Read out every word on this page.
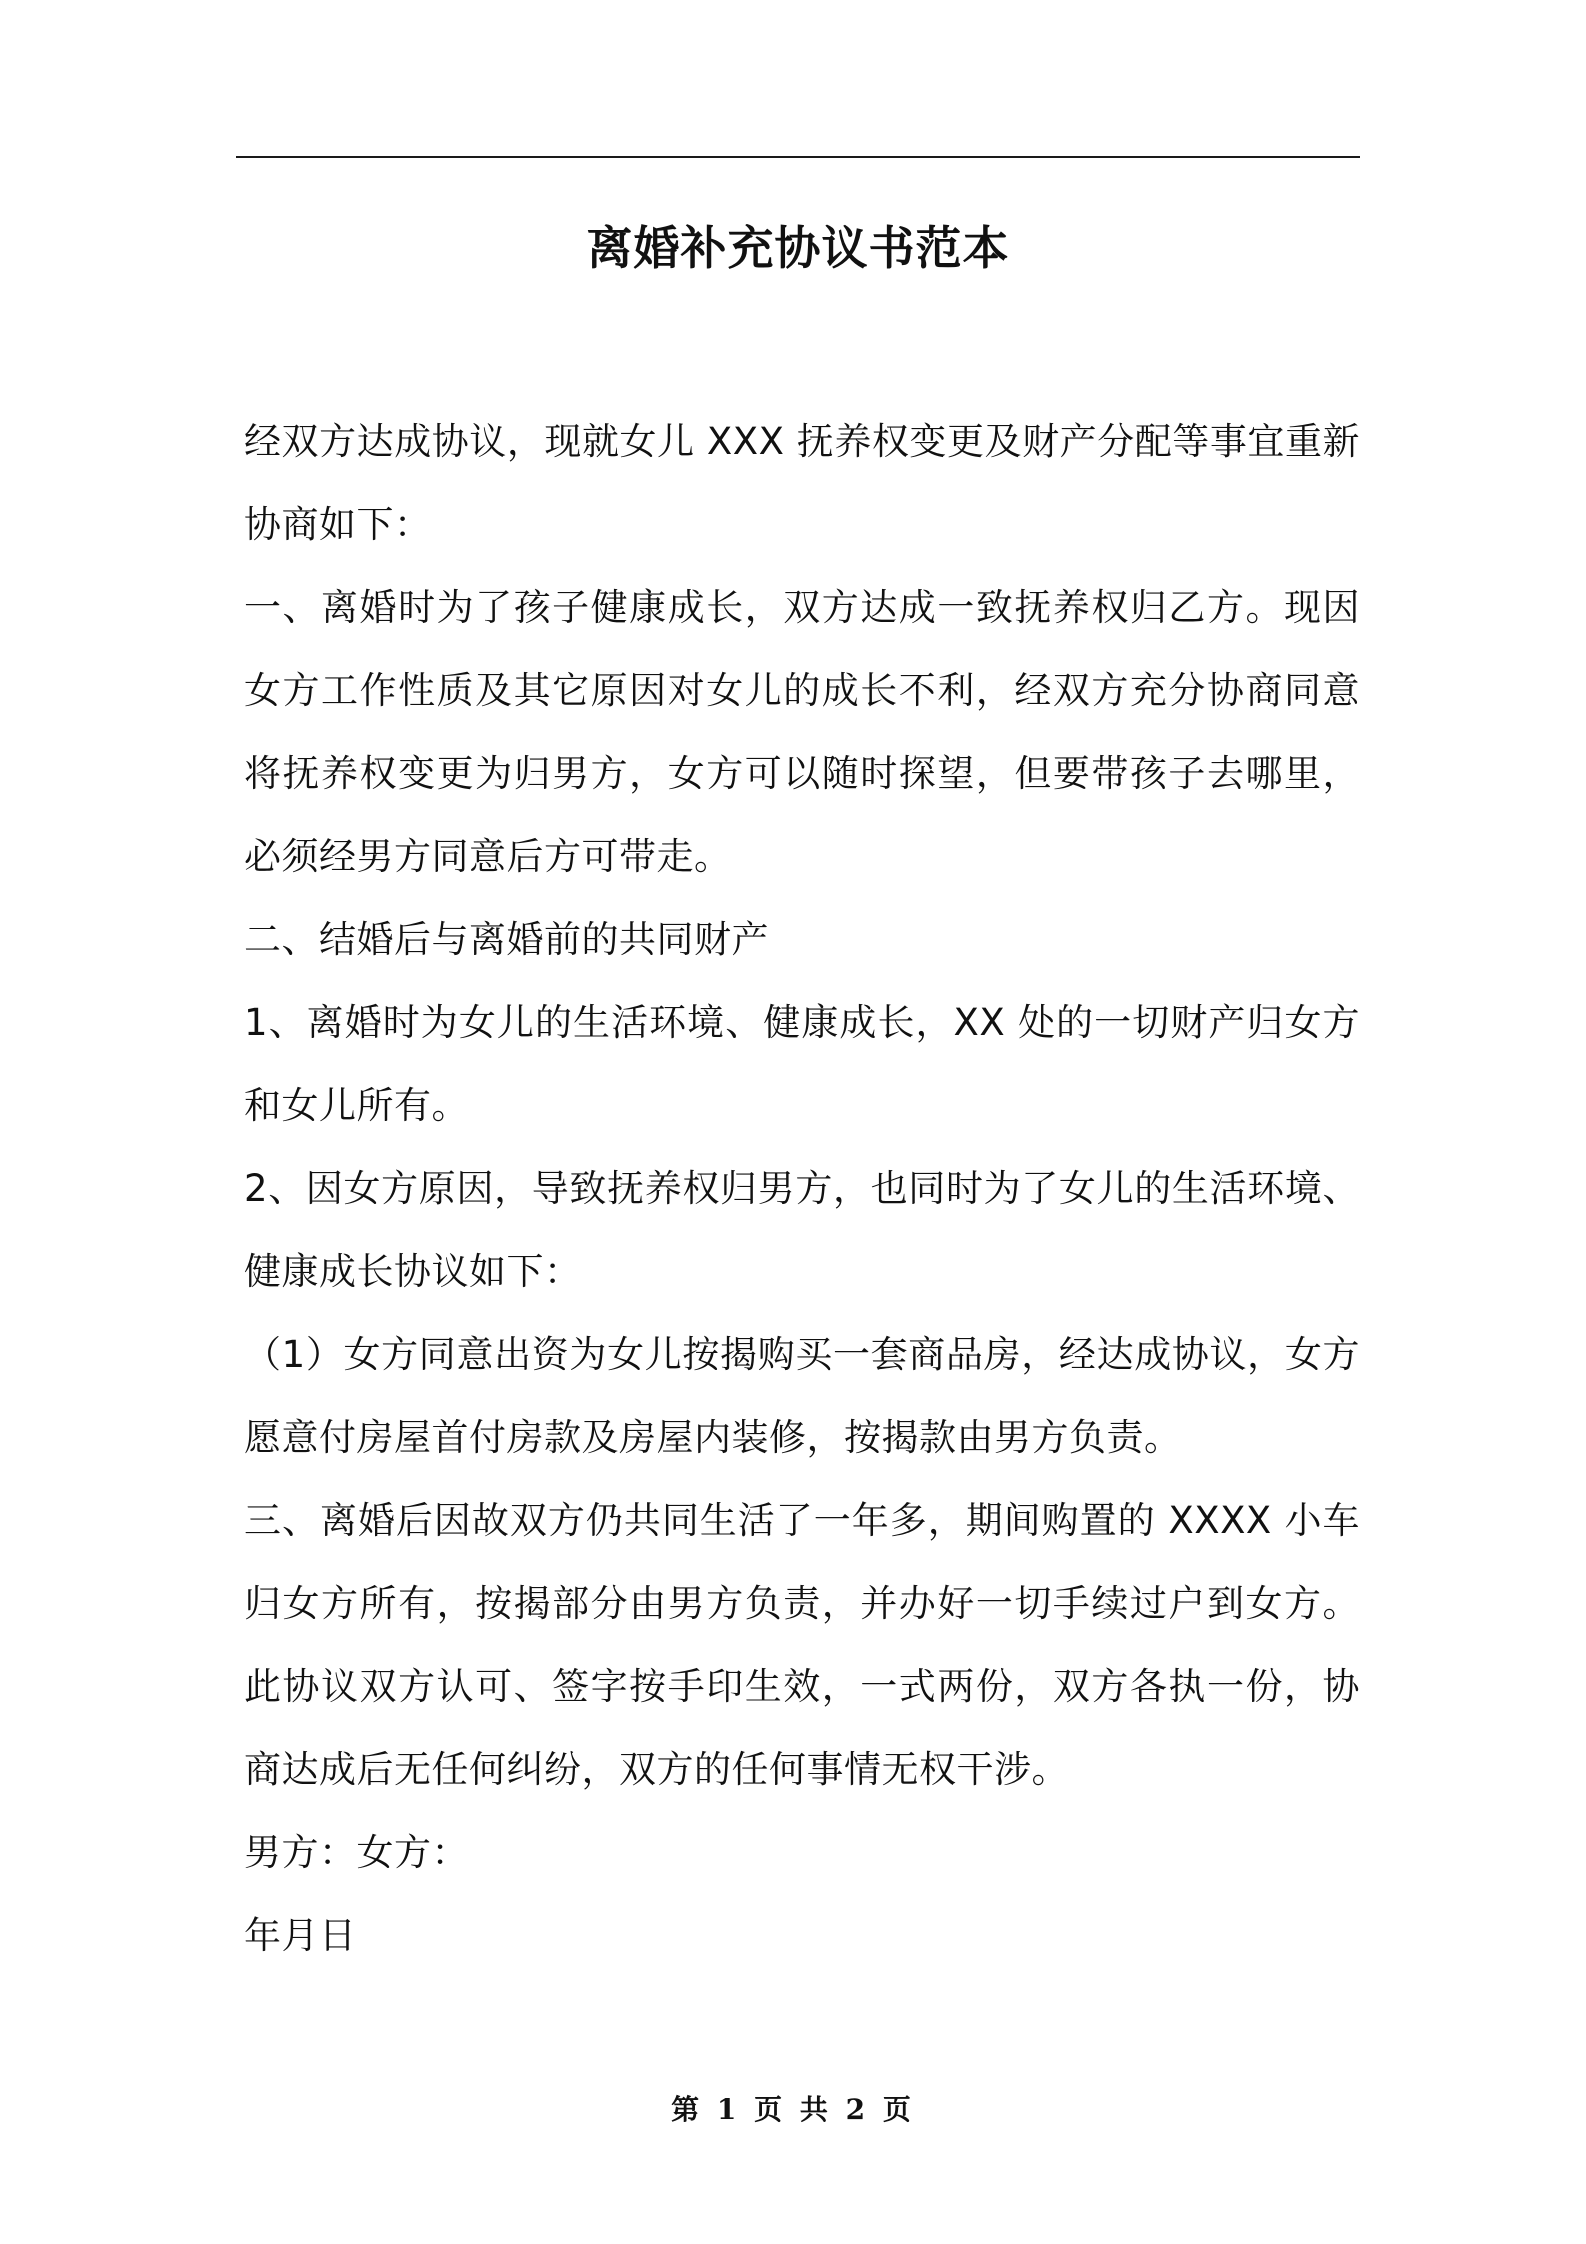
离婚补充协议书范本

经双方达成协议，现就女儿 XXX 抚养权变更及财产分配等事宜重新协商如下：

一、离婚时为了孩子健康成长，双方达成一致抚养权归乙方。现因女方工作性质及其它原因对女儿的成长不利，经双方充分协商同意将抚养权变更为归男方，女方可以随时探望，但要带孩子去哪里，必须经男方同意后方可带走。

二、结婚后与离婚前的共同财产

1、离婚时为女儿的生活环境、健康成长，XX 处的一切财产归女方和女儿所有。

2、因女方原因，导致抚养权归男方，也同时为了女儿的生活环境、健康成长协议如下：

（1）女方同意出资为女儿按揭购买一套商品房，经达成协议，女方愿意付房屋首付房款及房屋内装修，按揭款由男方负责。

三、离婚后因故双方仍共同生活了一年多，期间购置的 XXXX 小车归女方所有，按揭部分由男方负责，并办好一切手续过户到女方。此协议双方认可、签字按手印生效，一式两份，双方各执一份，协商达成后无任何纠纷，双方的任何事情无权干涉。

男方：女方：

年月日

第 1 页 共 2 页
